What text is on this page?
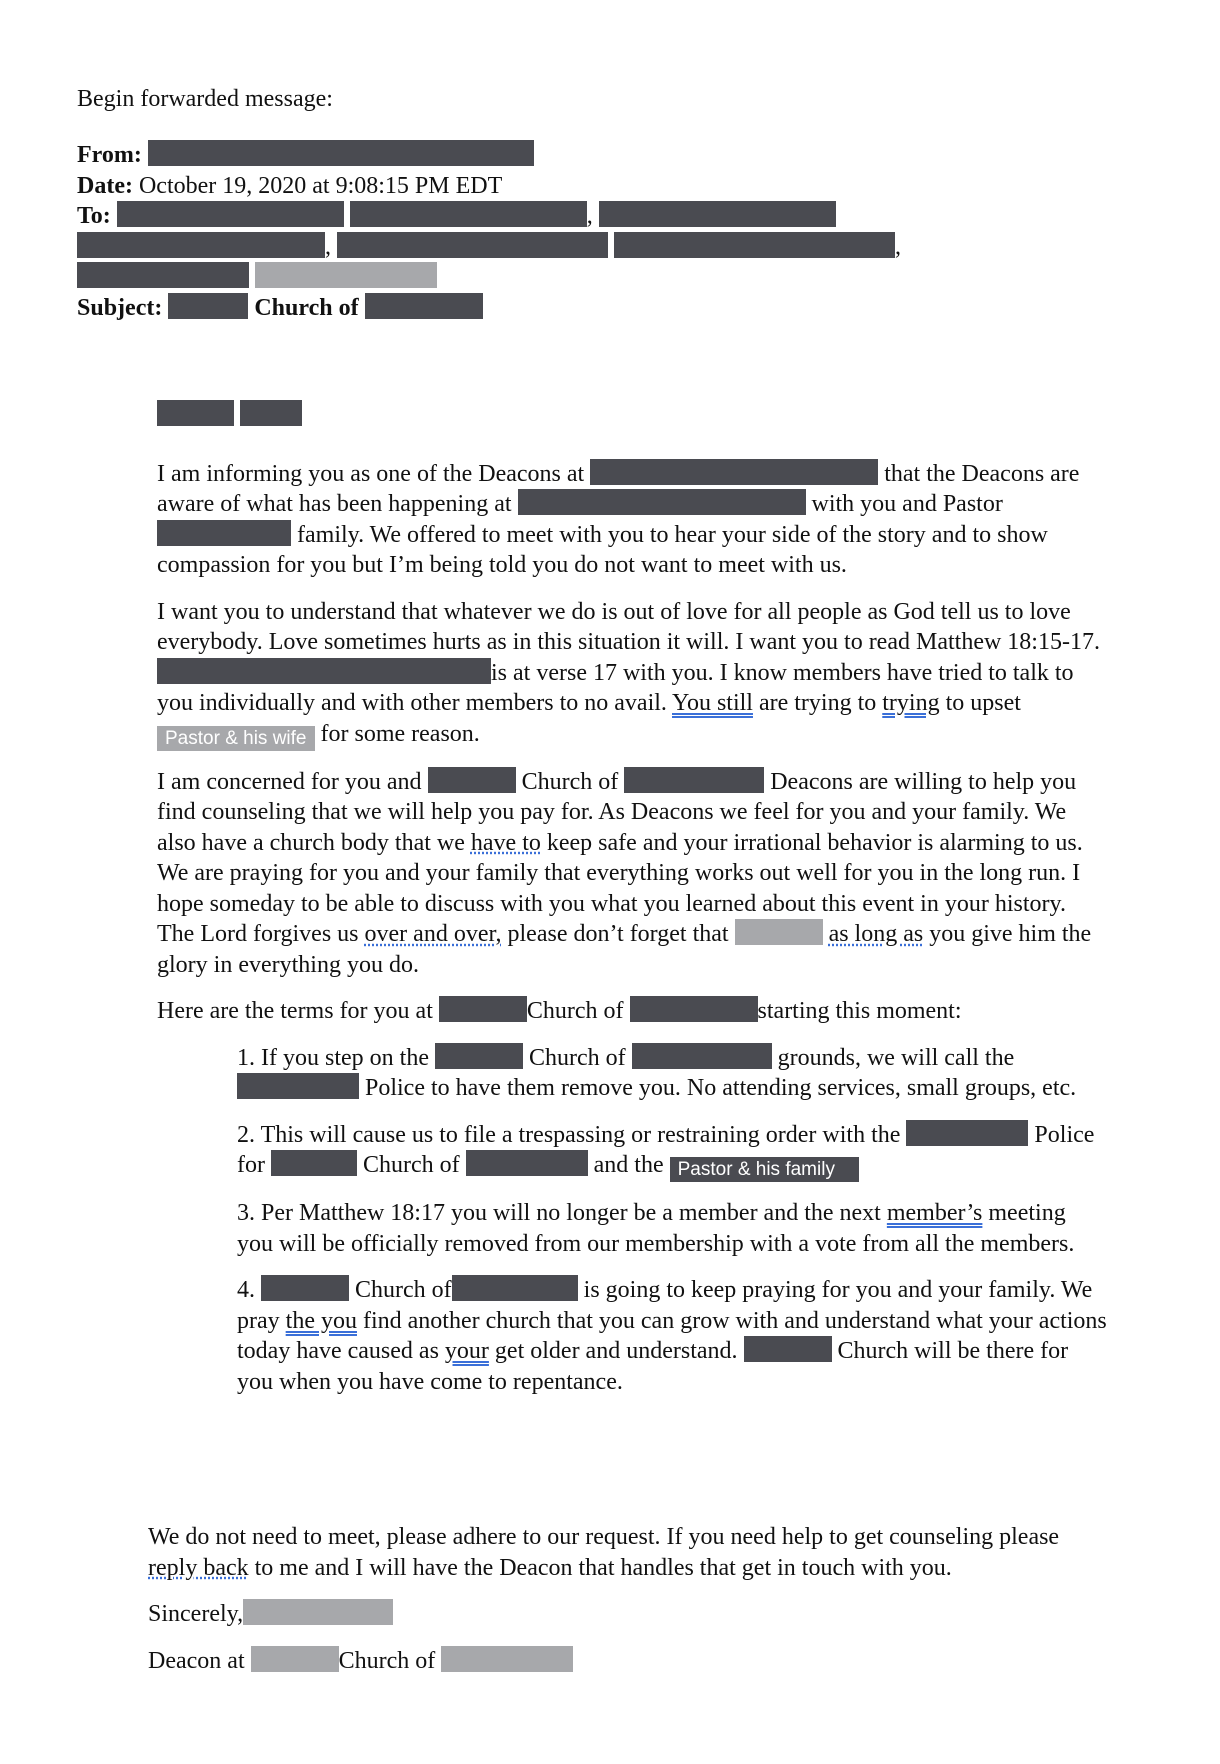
Begin forwarded message:

From:
Date: October 19, 2020 at 9:08:15 PM EDT
To:	,
,	,

Subject:	Church of

I am informing you as one of the Deacons at	that the Deacons are aware of what has been happening at	with you and Pastor  family. We offered to meet with you to hear your side of the story and to show compassion for you but I’m being told you do not want to meet with us.

I want you to understand that whatever we do is out of love for all people as God tell us to love everybody. Love sometimes hurts as in this situation it will. I want you to read Matthew 18:15-17.is at verse 17 with you. I know members have tried to talk to you individually and with other members to no avail. You still are trying to trying to upset Pastor & his wife for some reason.

I am concerned for you and	Church of	Deacons are willing to help you find counseling that we will help you pay for. As Deacons we feel for you and your family. We also have a church body that we have to keep safe and your irrational behavior is alarming to us. We are praying for you and your family that everything works out well for you in the long run. I hope someday to be able to discuss with you what you learned about this event in your history. The Lord forgives us over and over, please don’t forget that	as long as you give him the glory in everything you do.

Here are the terms for you at	Church of	starting this moment:

1. If you step on the	Church of	grounds, we will call the  Police to have them remove you. No attending services, small groups, etc.

2. This will cause us to file a trespassing or restraining order with the	Police for	Church of	and the Pastor & his family

3. Per Matthew 18:17 you will no longer be a member and the next member’s meeting you will be officially removed from our membership with a vote from all the members.

4.	Church of	is going to keep praying for you and your family. We pray the you find another church that you can grow with and understand what your actions today have caused as your get older and understand.	Church will be there for you when you have come to repentance.

We do not need to meet, please adhere to our request. If you need help to get counseling please reply back to me and I will have the Deacon that handles that get in touch with you.

Sincerely,

Deacon at	Church of
